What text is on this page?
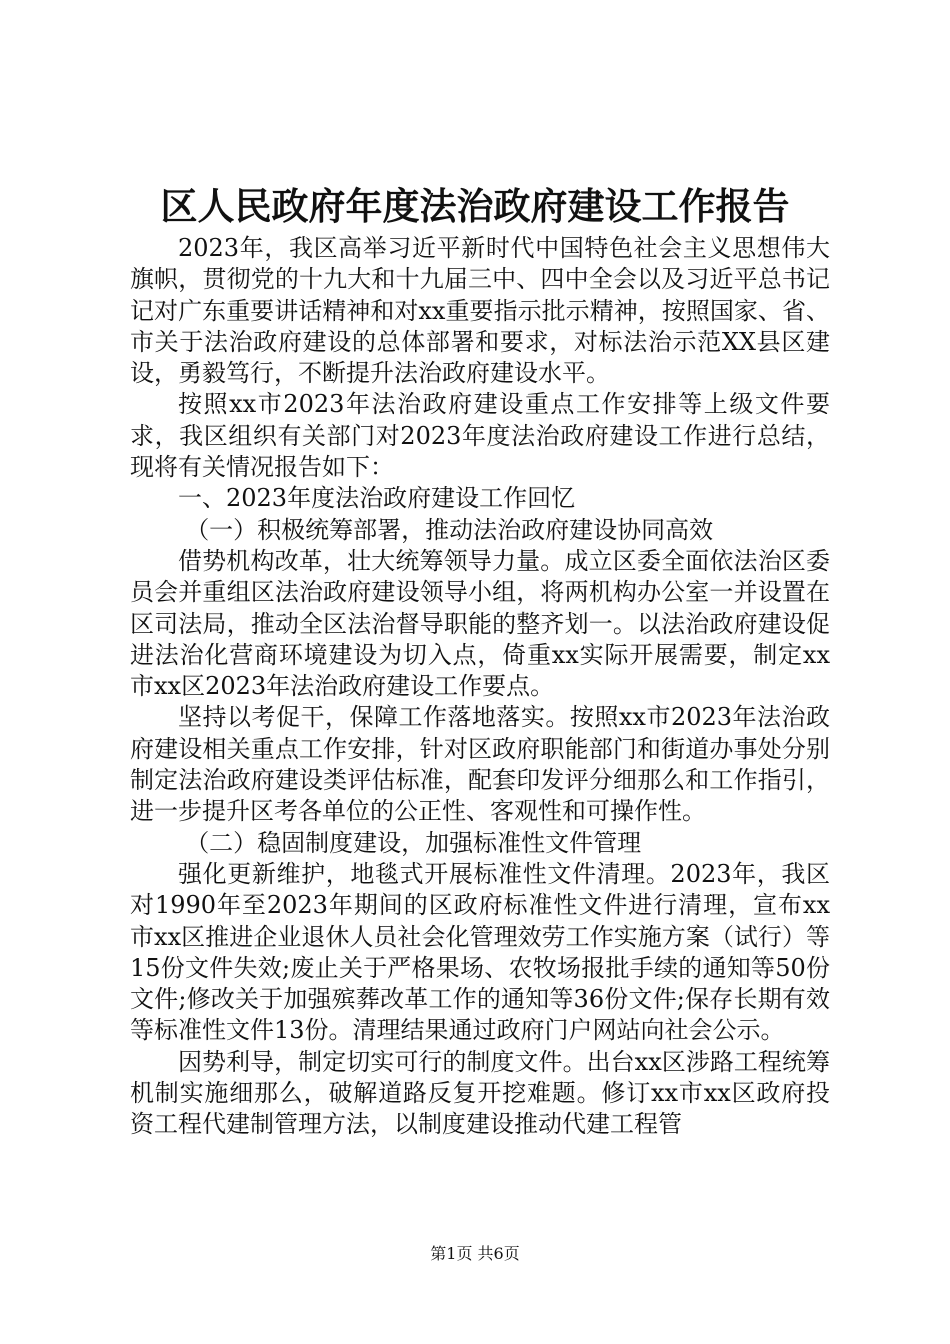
区人民政府年度法治政府建设工作报告

2023年，我区高举习近平新时代中国特色社会主义思想伟大旗帜，贯彻党的十九大和十九届三中、四中全会以及习近平总书记记对广东重要讲话精神和对xx重要指示批示精神，按照国家、省、市关于法治政府建设的总体部署和要求，对标法治示范XX县区建设，勇毅笃行，不断提升法治政府建设水平。

按照xx市2023年法治政府建设重点工作安排等上级文件要求，我区组织有关部门对2023年度法治政府建设工作进行总结，现将有关情况报告如下：

一、2023年度法治政府建设工作回忆

（一）积极统筹部署，推动法治政府建设协同高效

借势机构改革，壮大统筹领导力量。成立区委全面依法治区委员会并重组区法治政府建设领导小组，将两机构办公室一并设置在区司法局，推动全区法治督导职能的整齐划一。以法治政府建设促进法治化营商环境建设为切入点，倚重xx实际开展需要，制定xx市xx区2023年法治政府建设工作要点。

坚持以考促干，保障工作落地落实。按照xx市2023年法治政府建设相关重点工作安排，针对区政府职能部门和街道办事处分别制定法治政府建设类评估标准，配套印发评分细那么和工作指引，进一步提升区考各单位的公正性、客观性和可操作性。

（二）稳固制度建设，加强标准性文件管理

强化更新维护，地毯式开展标准性文件清理。2023年，我区对1990年至2023年期间的区政府标准性文件进行清理，宣布xx市xx区推进企业退休人员社会化管理效劳工作实施方案（试行）等15份文件失效;废止关于严格果场、农牧场报批手续的通知等50份文件;修改关于加强殡葬改革工作的通知等36份文件;保存长期有效等标准性文件13份。清理结果通过政府门户网站向社会公示。

因势利导，制定切实可行的制度文件。出台xx区涉路工程统筹机制实施细那么，破解道路反复开挖难题。修订xx市xx区政府投资工程代建制管理方法，以制度建设推动代建工程管

第1页 共6页
